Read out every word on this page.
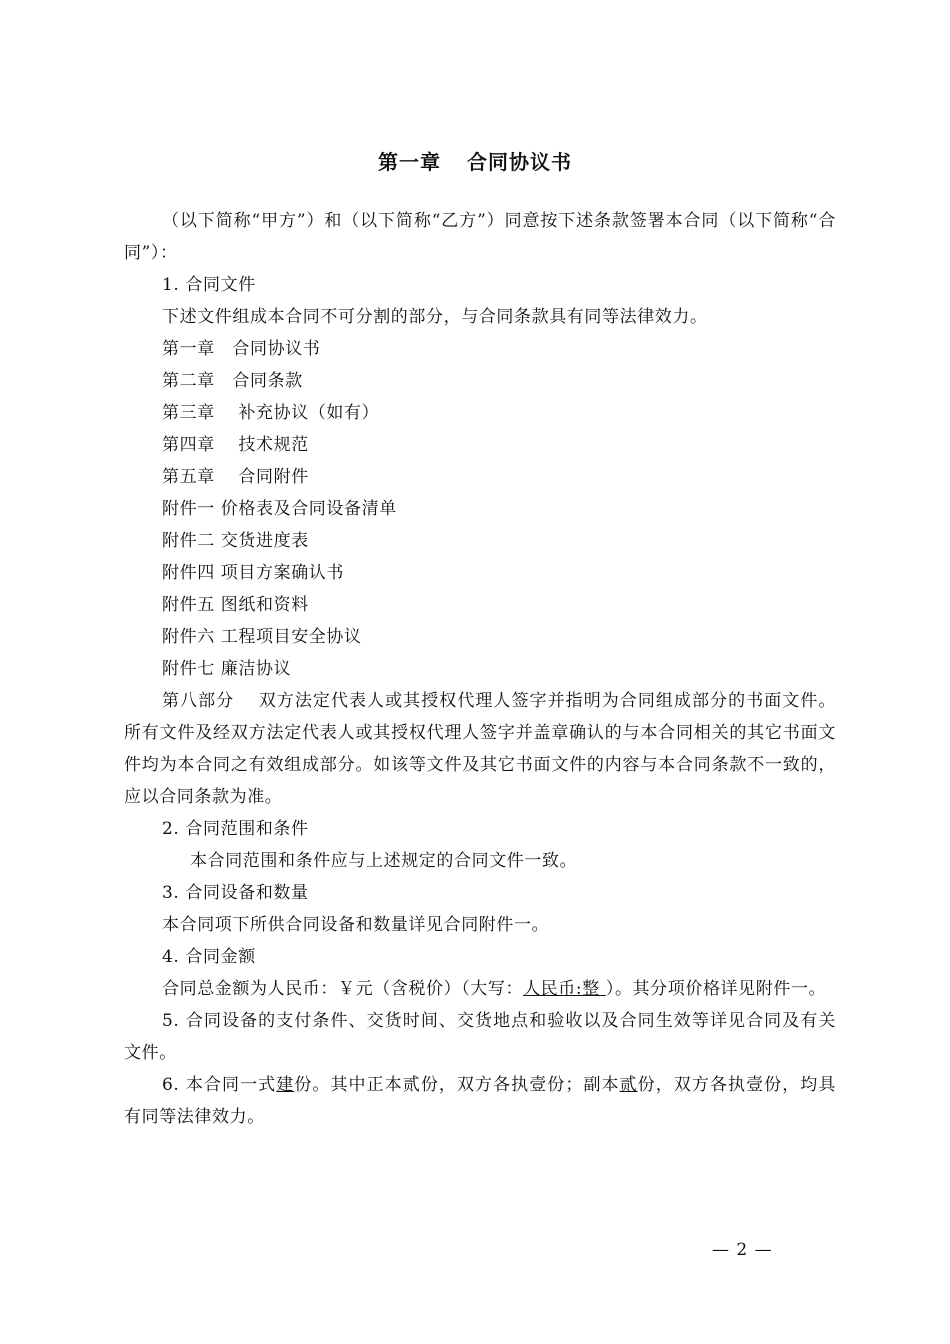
第一章 合同协议书

（以下简称“甲方”）和（以下简称“乙方”）同意按下述条款签署本合同（以下简称“合同”）：

1. 合同文件

下述文件组成本合同不可分割的部分，与合同条款具有同等法律效力。

第一章　合同协议书
第二章　合同条款
第三章　 补充协议（如有）
第四章　 技术规范
第五章　 合同附件
附件一 价格表及合同设备清单
附件二 交货进度表
附件四 项目方案确认书
附件五 图纸和资料
附件六 工程项目安全协议
附件七 廉洁协议

第八部分　 双方法定代表人或其授权代理人签字并指明为合同组成部分的书面文件。所有文件及经双方法定代表人或其授权代理人签字并盖章确认的与本合同相关的其它书面文件均为本合同之有效组成部分。如该等文件及其它书面文件的内容与本合同条款不一致的，应以合同条款为准。

2. 合同范围和条件

本合同范围和条件应与上述规定的合同文件一致。

3. 合同设备和数量

本合同项下所供合同设备和数量详见合同附件一。

4. 合同金额

合同总金额为人民币：￥元（含税价）（大写：人民币:整 ）。其分项价格详见附件一。

5. 合同设备的支付条件、交货时间、交货地点和验收以及合同生效等详见合同及有关文件。

6. 本合同一式建份。其中正本贰份，双方各执壹份；副本贰份，双方各执壹份，均具有同等法律效力。

— 2 —
